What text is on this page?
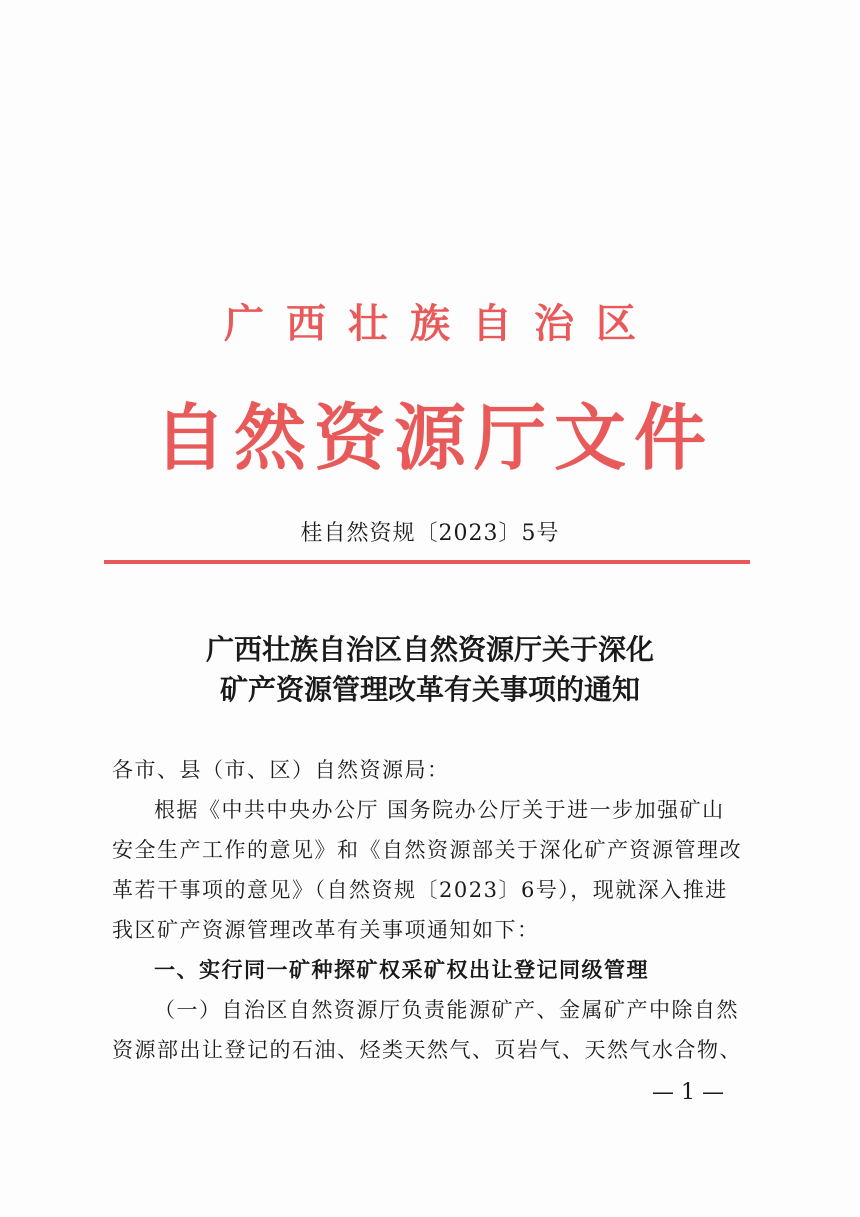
广西壮族自治区
自然资源厅文件
桂自然资规〔2023〕5号
广西壮族自治区自然资源厅关于深化
矿产资源管理改革有关事项的通知

各市、县（市、区）自然资源局：

根据《中共中央办公厅 国务院办公厅关于进一步加强矿山安全生产工作的意见》和《自然资源部关于深化矿产资源管理改革若干事项的意见》（自然资规〔2023〕6号），现就深入推进我区矿产资源管理改革有关事项通知如下：

一、实行同一矿种探矿权采矿权出让登记同级管理

（一）自治区自然资源厅负责能源矿产、金属矿产中除自然资源部出让登记的石油、烃类天然气、页岩气、天然气水合物、

— 1 —
